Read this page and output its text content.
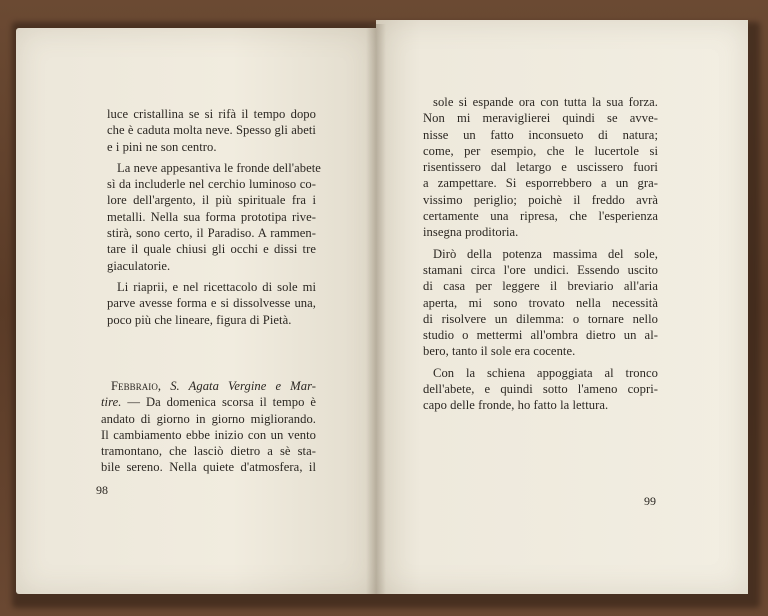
luce cristallina se si rifà il tempo dopo
che è caduta molta neve. Spesso gli abeti
e i pini ne son centro.
La neve appesantiva le fronde dell'abete
sì da includerle nel cerchio luminoso co-
lore dell'argento, il più spirituale fra i
metalli. Nella sua forma prototipa rive-
stirà, sono certo, il Paradiso. A rammen-
tare il quale chiusi gli occhi e dissi tre
giaculatorie.
Li riaprii, e nel ricettacolo di sole mi
parve avesse forma e si dissolvesse una,
poco più che lineare, figura di Pietà.
Febbraio, S. Agata Vergine e Mar-
tire. — Da domenica scorsa il tempo è
andato di giorno in giorno migliorando.
Il cambiamento ebbe inizio con un vento
tramontano, che lasciò dietro a sè sta-
bile sereno. Nella quiete d'atmosfera, il
98
sole si espande ora con tutta la sua forza.
Non mi meraviglierei quindi se avve-
nisse un fatto inconsueto di natura;
come, per esempio, che le lucertole si
risentissero dal letargo e uscissero fuori
a zampettare. Si esporrebbero a un gra-
vissimo periglio; poichè il freddo avrà
certamente una ripresa, che l'esperienza
insegna proditoria.
Dirò della potenza massima del sole,
stamani circa l'ore undici. Essendo uscito
di casa per leggere il breviario all'aria
aperta, mi sono trovato nella necessità
di risolvere un dilemma: o tornare nello
studio o mettermi all'ombra dietro un al-
bero, tanto il sole era cocente.
Con la schiena appoggiata al tronco
dell'abete, e quindi sotto l'ameno copri-
capo delle fronde, ho fatto la lettura.
99
